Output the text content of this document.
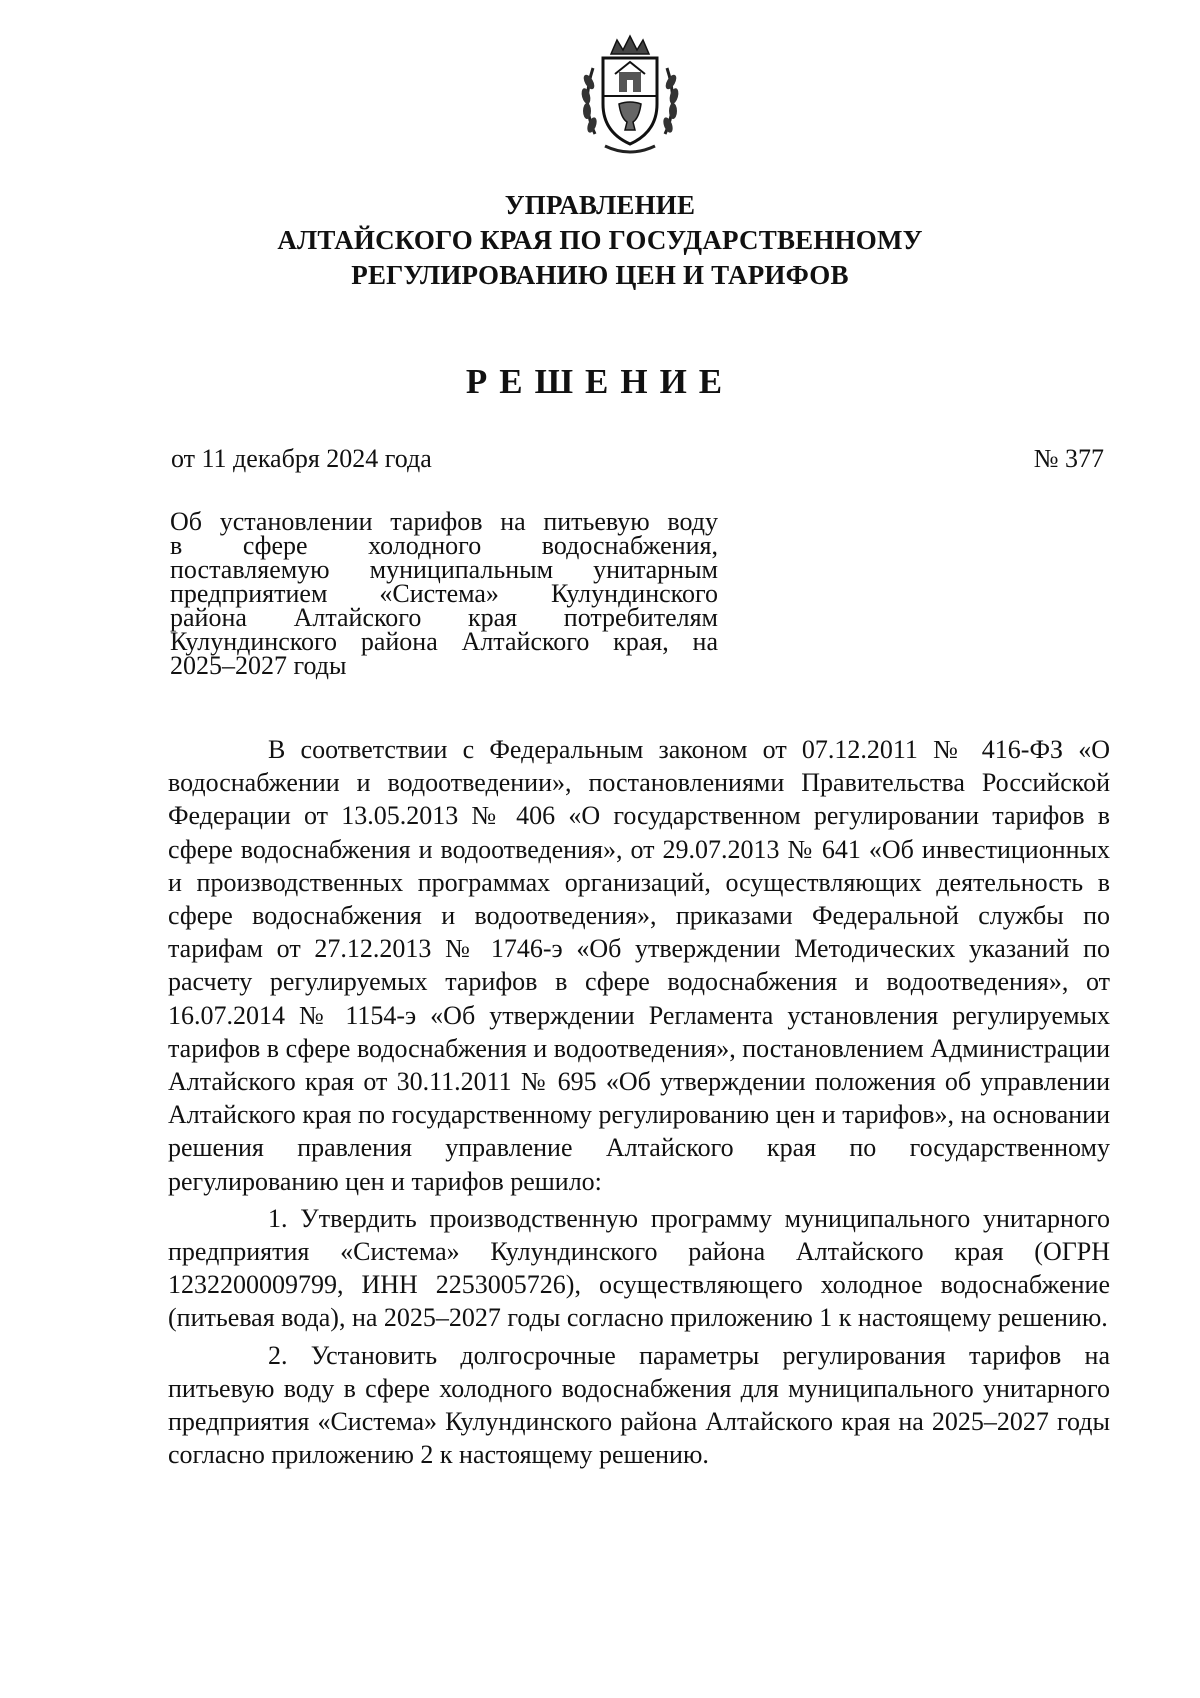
УПРАВЛЕНИЕ
АЛТАЙСКОГО КРАЯ ПО ГОСУДАРСТВЕННОМУ
РЕГУЛИРОВАНИЮ ЦЕН И ТАРИФОВ
РЕШЕНИЕ
от 11 декабря 2024 года	№ 377
Об установлении тарифов на питьевую воду
в сфере холодного водоснабжения,
поставляемую муниципальным унитарным
предприятием «Система» Кулундинского
района Алтайского края потребителям
Кулундинского района Алтайского края, на
2025–2027 годы

В соответствии с Федеральным законом от 07.12.2011 № 416-ФЗ «О водоснабжении и водоотведении», постановлениями Правительства Российской Федерации от 13.05.2013 № 406 «О государственном регулировании тарифов в сфере водоснабжения и водоотведения», от 29.07.2013 № 641 «Об инвестиционных и производственных программах организаций, осуществляющих деятельность в сфере водоснабжения и водоотведения», приказами Федеральной службы по тарифам от 27.12.2013 № 1746-э «Об утверждении Методических указаний по расчету регулируемых тарифов в сфере водоснабжения и водоотведения», от 16.07.2014 № 1154-э «Об утверждении Регламента установления регулируемых тарифов в сфере водоснабжения и водоотведения», постановлением Администрации Алтайского края от 30.11.2011 № 695 «Об утверждении положения об управлении Алтайского края по государственному регулированию цен и тарифов», на основании решения правления управление Алтайского края по государственному регулированию цен и тарифов решило:

1. Утвердить производственную программу муниципального унитарного предприятия «Система» Кулундинского района Алтайского края (ОГРН 1232200009799, ИНН 2253005726), осуществляющего холодное водоснабжение (питьевая вода), на 2025–2027 годы согласно приложению 1 к настоящему решению.

2. Установить долгосрочные параметры регулирования тарифов на питьевую воду в сфере холодного водоснабжения для муниципального унитарного предприятия «Система» Кулундинского района Алтайского края на 2025–2027 годы согласно приложению 2 к настоящему решению.
